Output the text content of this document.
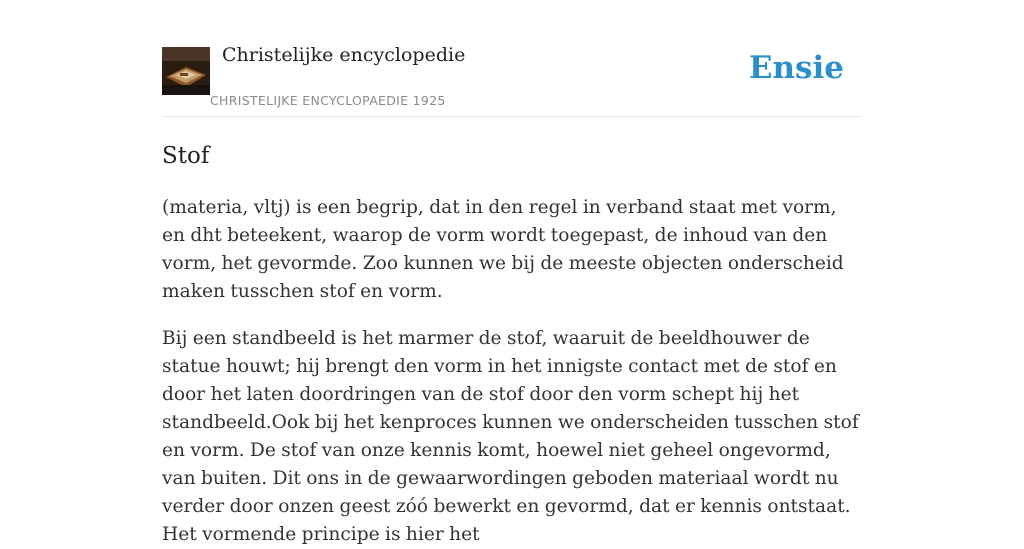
Christelijke encyclopedie
CHRISTELIJKE ENCYCLOPAEDIE 1925
Ensie
Stof

(materia, vltj) is een begrip, dat in den regel in verband staat met vorm, en dht beteekent, waarop de vorm wordt toegepast, de inhoud van den vorm, het gevormde. Zoo kunnen we bij de meeste objecten onderscheid maken tusschen stof en vorm.

Bij een standbeeld is het marmer de stof, waaruit de beeldhouwer de statue houwt; hij brengt den vorm in het innigste contact met de stof en door het laten doordringen van de stof door den vorm schept hij het standbeeld.Ook bij het kenproces kunnen we onderscheiden tusschen stof en vorm. De stof van onze kennis komt, hoewel niet geheel ongevormd, van buiten. Dit ons in de gewaarwordingen geboden materiaal wordt nu verder door onzen geest zóó bewerkt en gevormd, dat er kennis ontstaat. Het vormende principe is hier het
